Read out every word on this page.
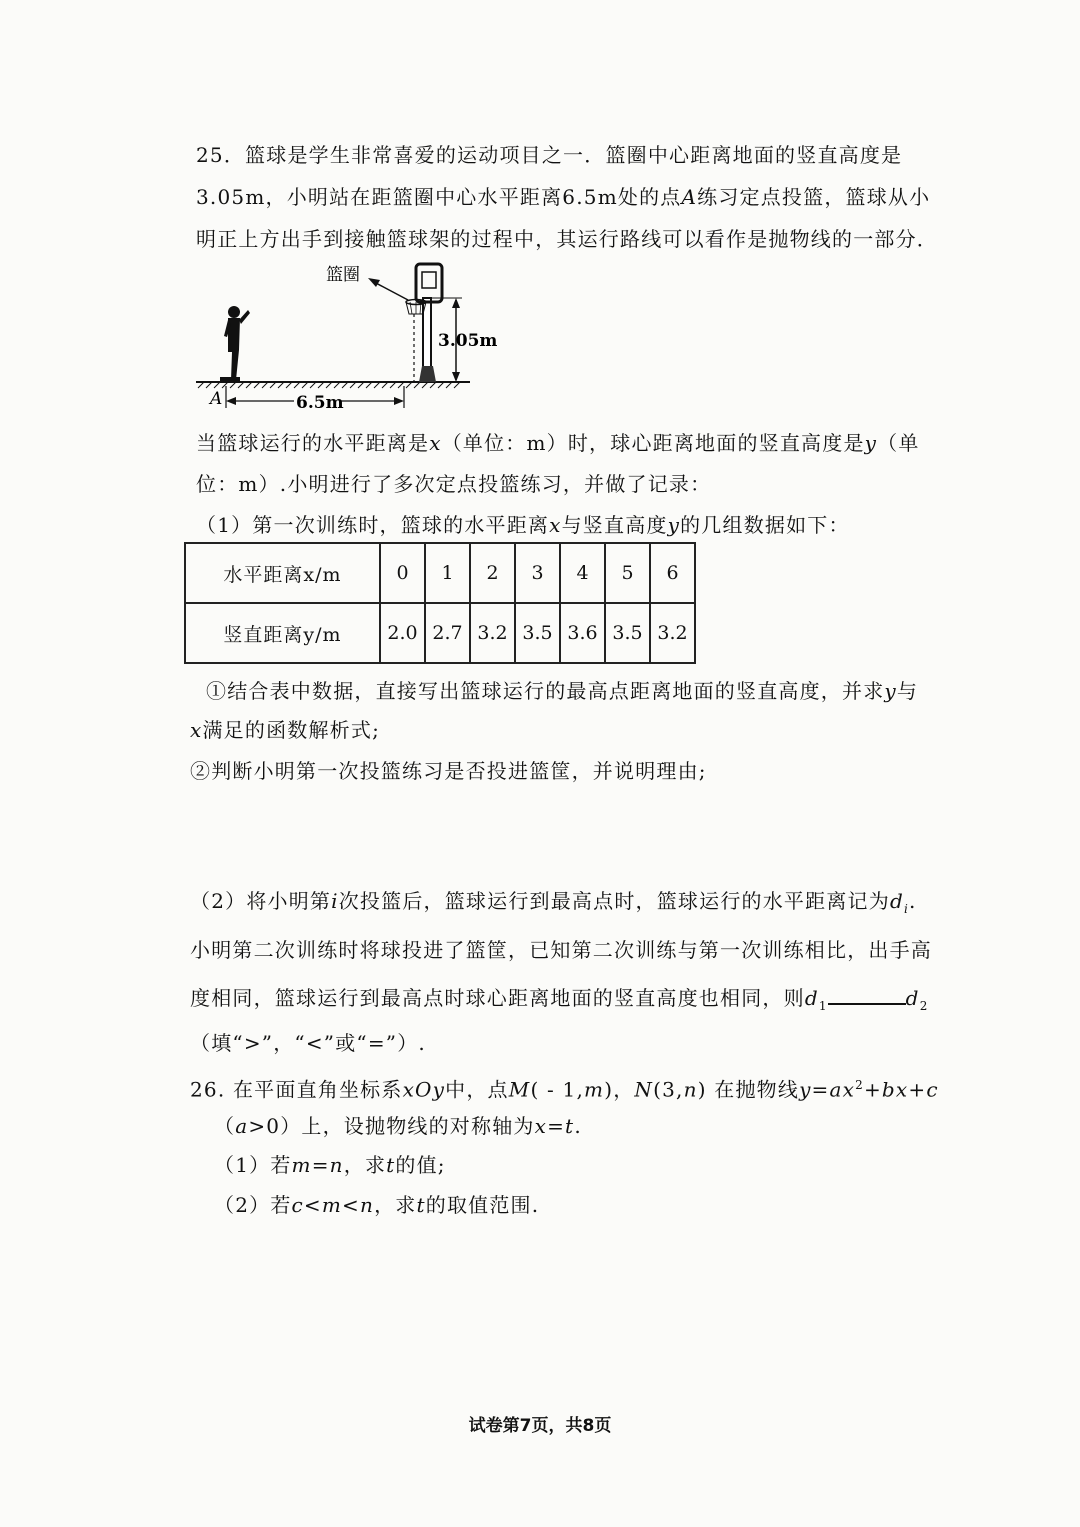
25．篮球是学生非常喜爱的运动项目之一．篮圈中心距离地面的竖直高度是
3.05m，小明站在距篮圈中心水平距离6.5m处的点A练习定点投篮，篮球从小
明正上方出手到接触篮球架的过程中，其运行路线可以看作是抛物线的一部分．
篮圈
3.05m
6.5m
A
当篮球运行的水平距离是x（单位：m）时，球心距离地面的竖直高度是y（单
位：m）.小明进行了多次定点投篮练习，并做了记录：
（1）第一次训练时，篮球的水平距离x与竖直高度y的几组数据如下：
水平距离x/m	0	1	2	3	4	5	6
竖直距离y/m	2.0	2.7	3.2	3.5	3.6	3.5	3.2
①结合表中数据，直接写出篮球运行的最高点距离地面的竖直高度，并求y与
x满足的函数解析式;
②判断小明第一次投篮练习是否投进篮筐，并说明理由;
（2）将小明第i次投篮后，篮球运行到最高点时，篮球运行的水平距离记为$d_i$.
小明第二次训练时将球投进了篮筐，已知第二次训练与第一次训练相比，出手高
度相同，篮球运行到最高点时球心距离地面的竖直高度也相同，则$d_1$	$d_2$
（填“>”，“<”或“=”）.
26. 在平面直角坐标系xOy中，点M( - 1,m)，N(3,n) 在抛物线$y=ax^2+bx+c$
（a>0）上，设抛物线的对称轴为x=t.
（1）若m=n，求t的值;
（2）若c<m<n，求t的取值范围.
试卷第7页，共8页
